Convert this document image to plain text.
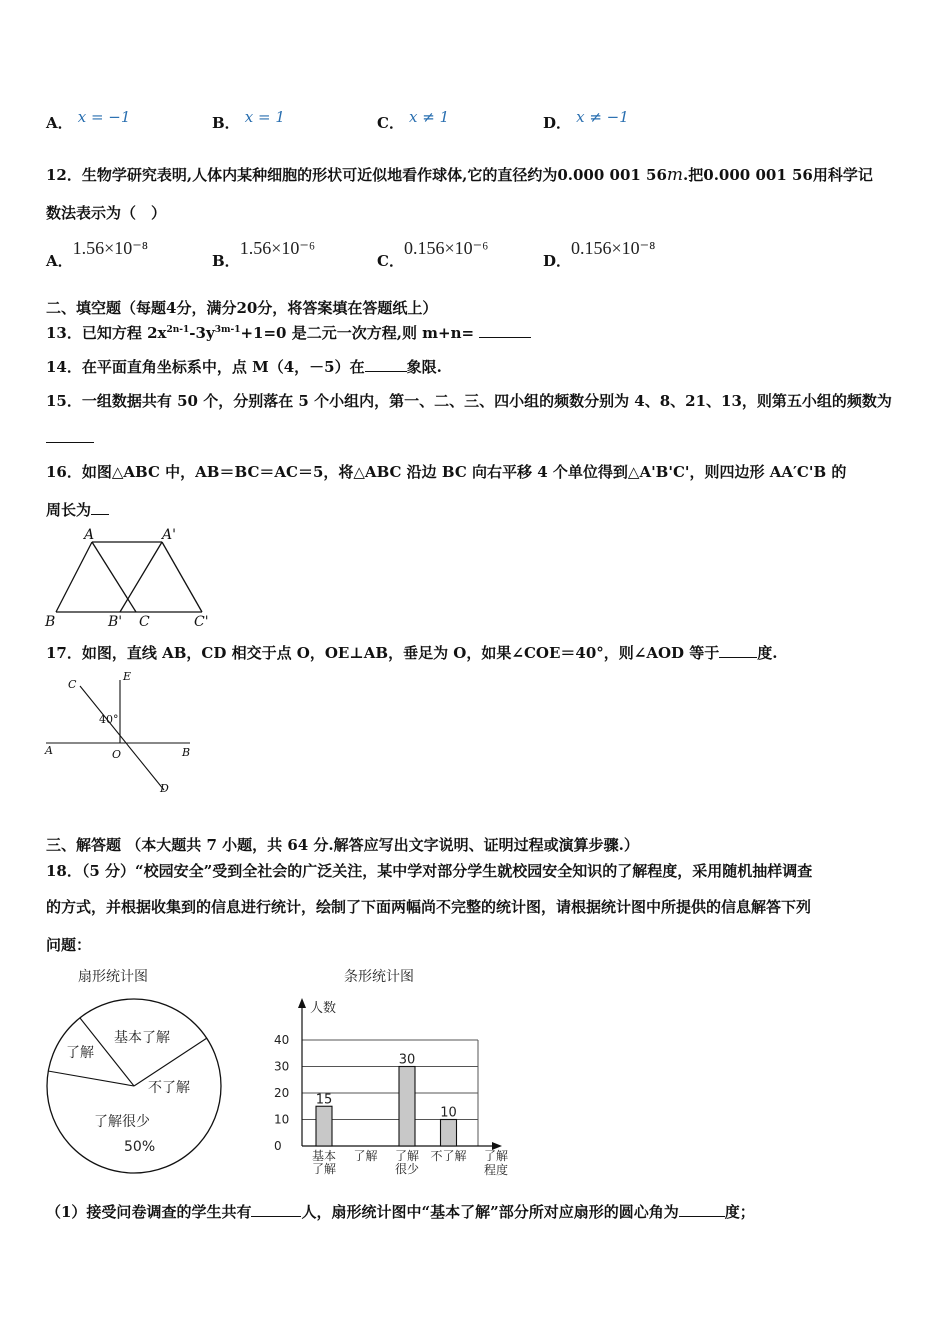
A． x = −1	B． x = 1	C． x ≠ 1	D． x ≠ −1
12．生物学研究表明,人体内某种细胞的形状可近似地看作球体,它的直径约为0.000 001 56m.把0.000 001 56用科学记
数法表示为（　）
A．1.56×10⁻⁸
B．1.56×10⁻⁶
C．0.156×10⁻⁶
D．0.156×10⁻⁸
二、填空题（每题4分，满分20分，将答案填在答题纸上）
13．已知方程 $2x^{2n-1}-3y^{3m-1}+1=0$ 是二元一次方程,则 m+n=
14．在平面直角坐标系中，点 M（4，－5）在	象限.
15．一组数据共有 50 个，分别落在 5 个小组内，第一、二、三、四小组的频数分别为 4、8、21、13，则第五小组的频数为
16．如图△ABC 中，AB＝BC＝AC＝5，将△ABC 沿边 BC 向右平移 4 个单位得到△A'B'C'，则四边形 AA′C'B 的
周长为
A	A'
B	B' C	C'
17．如图，直线 AB，CD 相交于点 O，OE⊥AB，垂足为 O，如果∠COE＝40°，则∠AOD 等于	度.
C
E
A	B
O
D
40°
三、解答题 （本大题共 7 小题，共 64 分.解答应写出文字说明、证明过程或演算步骤.）
18．（5 分）“校园安全”受到全社会的广泛关注，某中学对部分学生就校园安全知识的了解程度，采用随机抽样调查
的方式，并根据收集到的信息进行统计，绘制了下面两幅尚不完整的统计图，请根据统计图中所提供的信息解答下列
问题：
扇形统计图
基本了解
不了解
了解很少
50%
了解
条形统计图
人数
0
10
20
30
40
15
30
10
基本
了解
了解 了解
很少
不了解 了解
程度
（1）接受问卷调查的学生共有	人，扇形统计图中“基本了解”部分所对应扇形的圆心角为	度；
